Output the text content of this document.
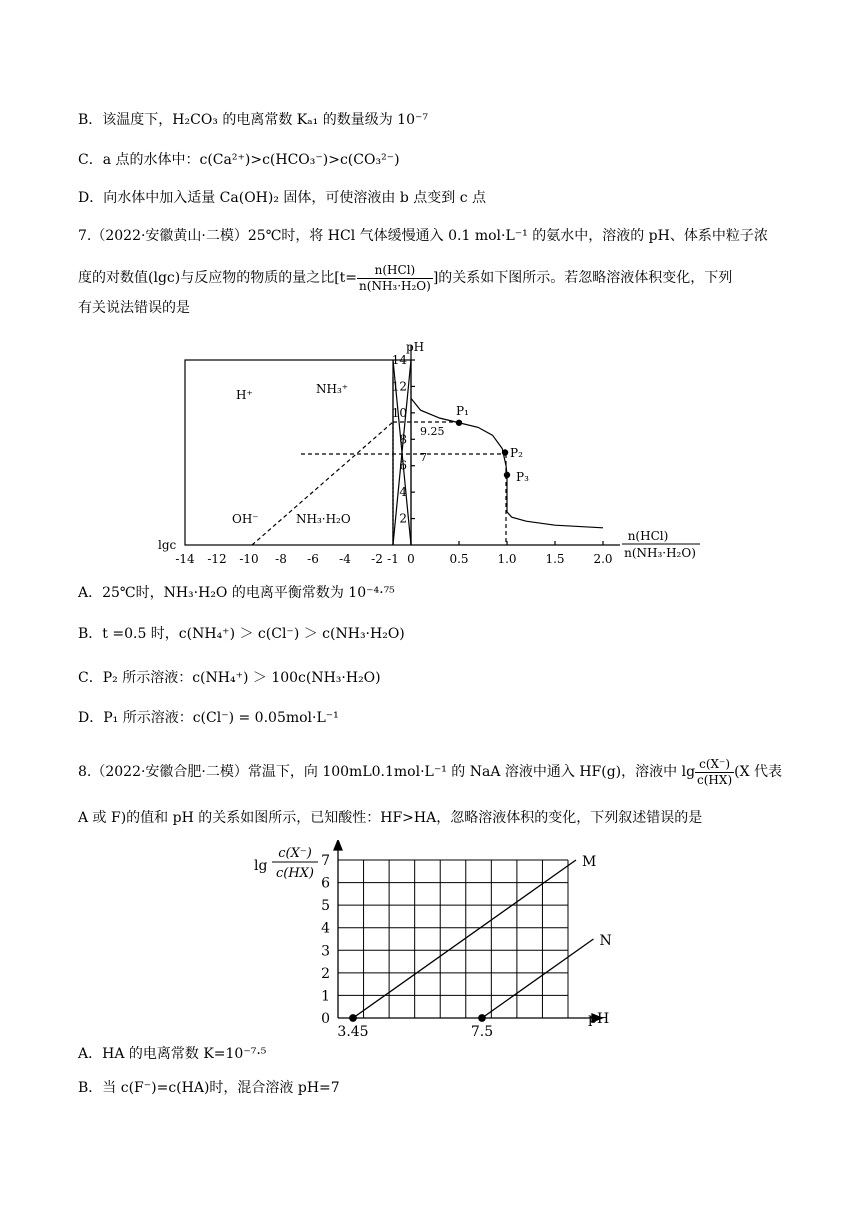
B．该温度下，H₂CO₃ 的电离常数 Kₐ₁ 的数量级为 10⁻⁷
C．a 点的水体中：c(Ca²⁺)>c(HCO₃⁻)>c(CO₃²⁻)
D．向水体中加入适量 Ca(OH)₂ 固体，可使溶液由 b 点变到 c 点
7.（2022·安徽黄山·二模）25℃时，将 HCl 气体缓慢通入 0.1 mol·L⁻¹ 的氨水中，溶液的 pH、体系中粒子浓
度的对数值(lgc)与反应物的物质的量之比[$t= \frac{\text{n(HCl)}}{\text{n(NH₃·H₂O)}}$ ]的关系如下图所示。若忽略溶液体积变化，下列
有关说法错误的是
-14 -12 -10 -8 -6 -4 -2 -1 0	0.5 1.0 1.5 2.0
2
4
6
8
10
12
14
pH
lgc
H⁺	NH₃⁺
OH⁻	NH₃·H₂O
9.25
7
P₁
P₂
P₃
n(HCl)
n(NH₃·H₂O)
A．25℃时，NH₃·H₂O 的电离平衡常数为 10⁻⁴·⁷⁵
B．t =0.5 时，c(NH₄⁺) ＞ c(Cl⁻) ＞ c(NH₃·H₂O)
C．P₂ 所示溶液：c(NH₄⁺) ＞ 100c(NH₃·H₂O)
D．P₁ 所示溶液：c(Cl⁻) = 0.05mol·L⁻¹
8.（2022·安徽合肥·二模）常温下，向 100mL0.1mol·L⁻¹ 的 NaA 溶液中通入 HF(g)，溶液中 $\lg \frac{c(X^-)}{c(HX)} (X$ 代表
A 或 F)的值和 pH 的关系如图所示，已知酸性：HF>HA，忽略溶液体积的变化，下列叙述错误的是
M
N
0
1
2
3
4
5
6
7
3.45	7.5
lg
c(X⁻)
c(HX)
pH
A．HA 的电离常数 K=10⁻⁷·⁵
B．当 c(F⁻)=c(HA)时，混合溶液 pH=7
